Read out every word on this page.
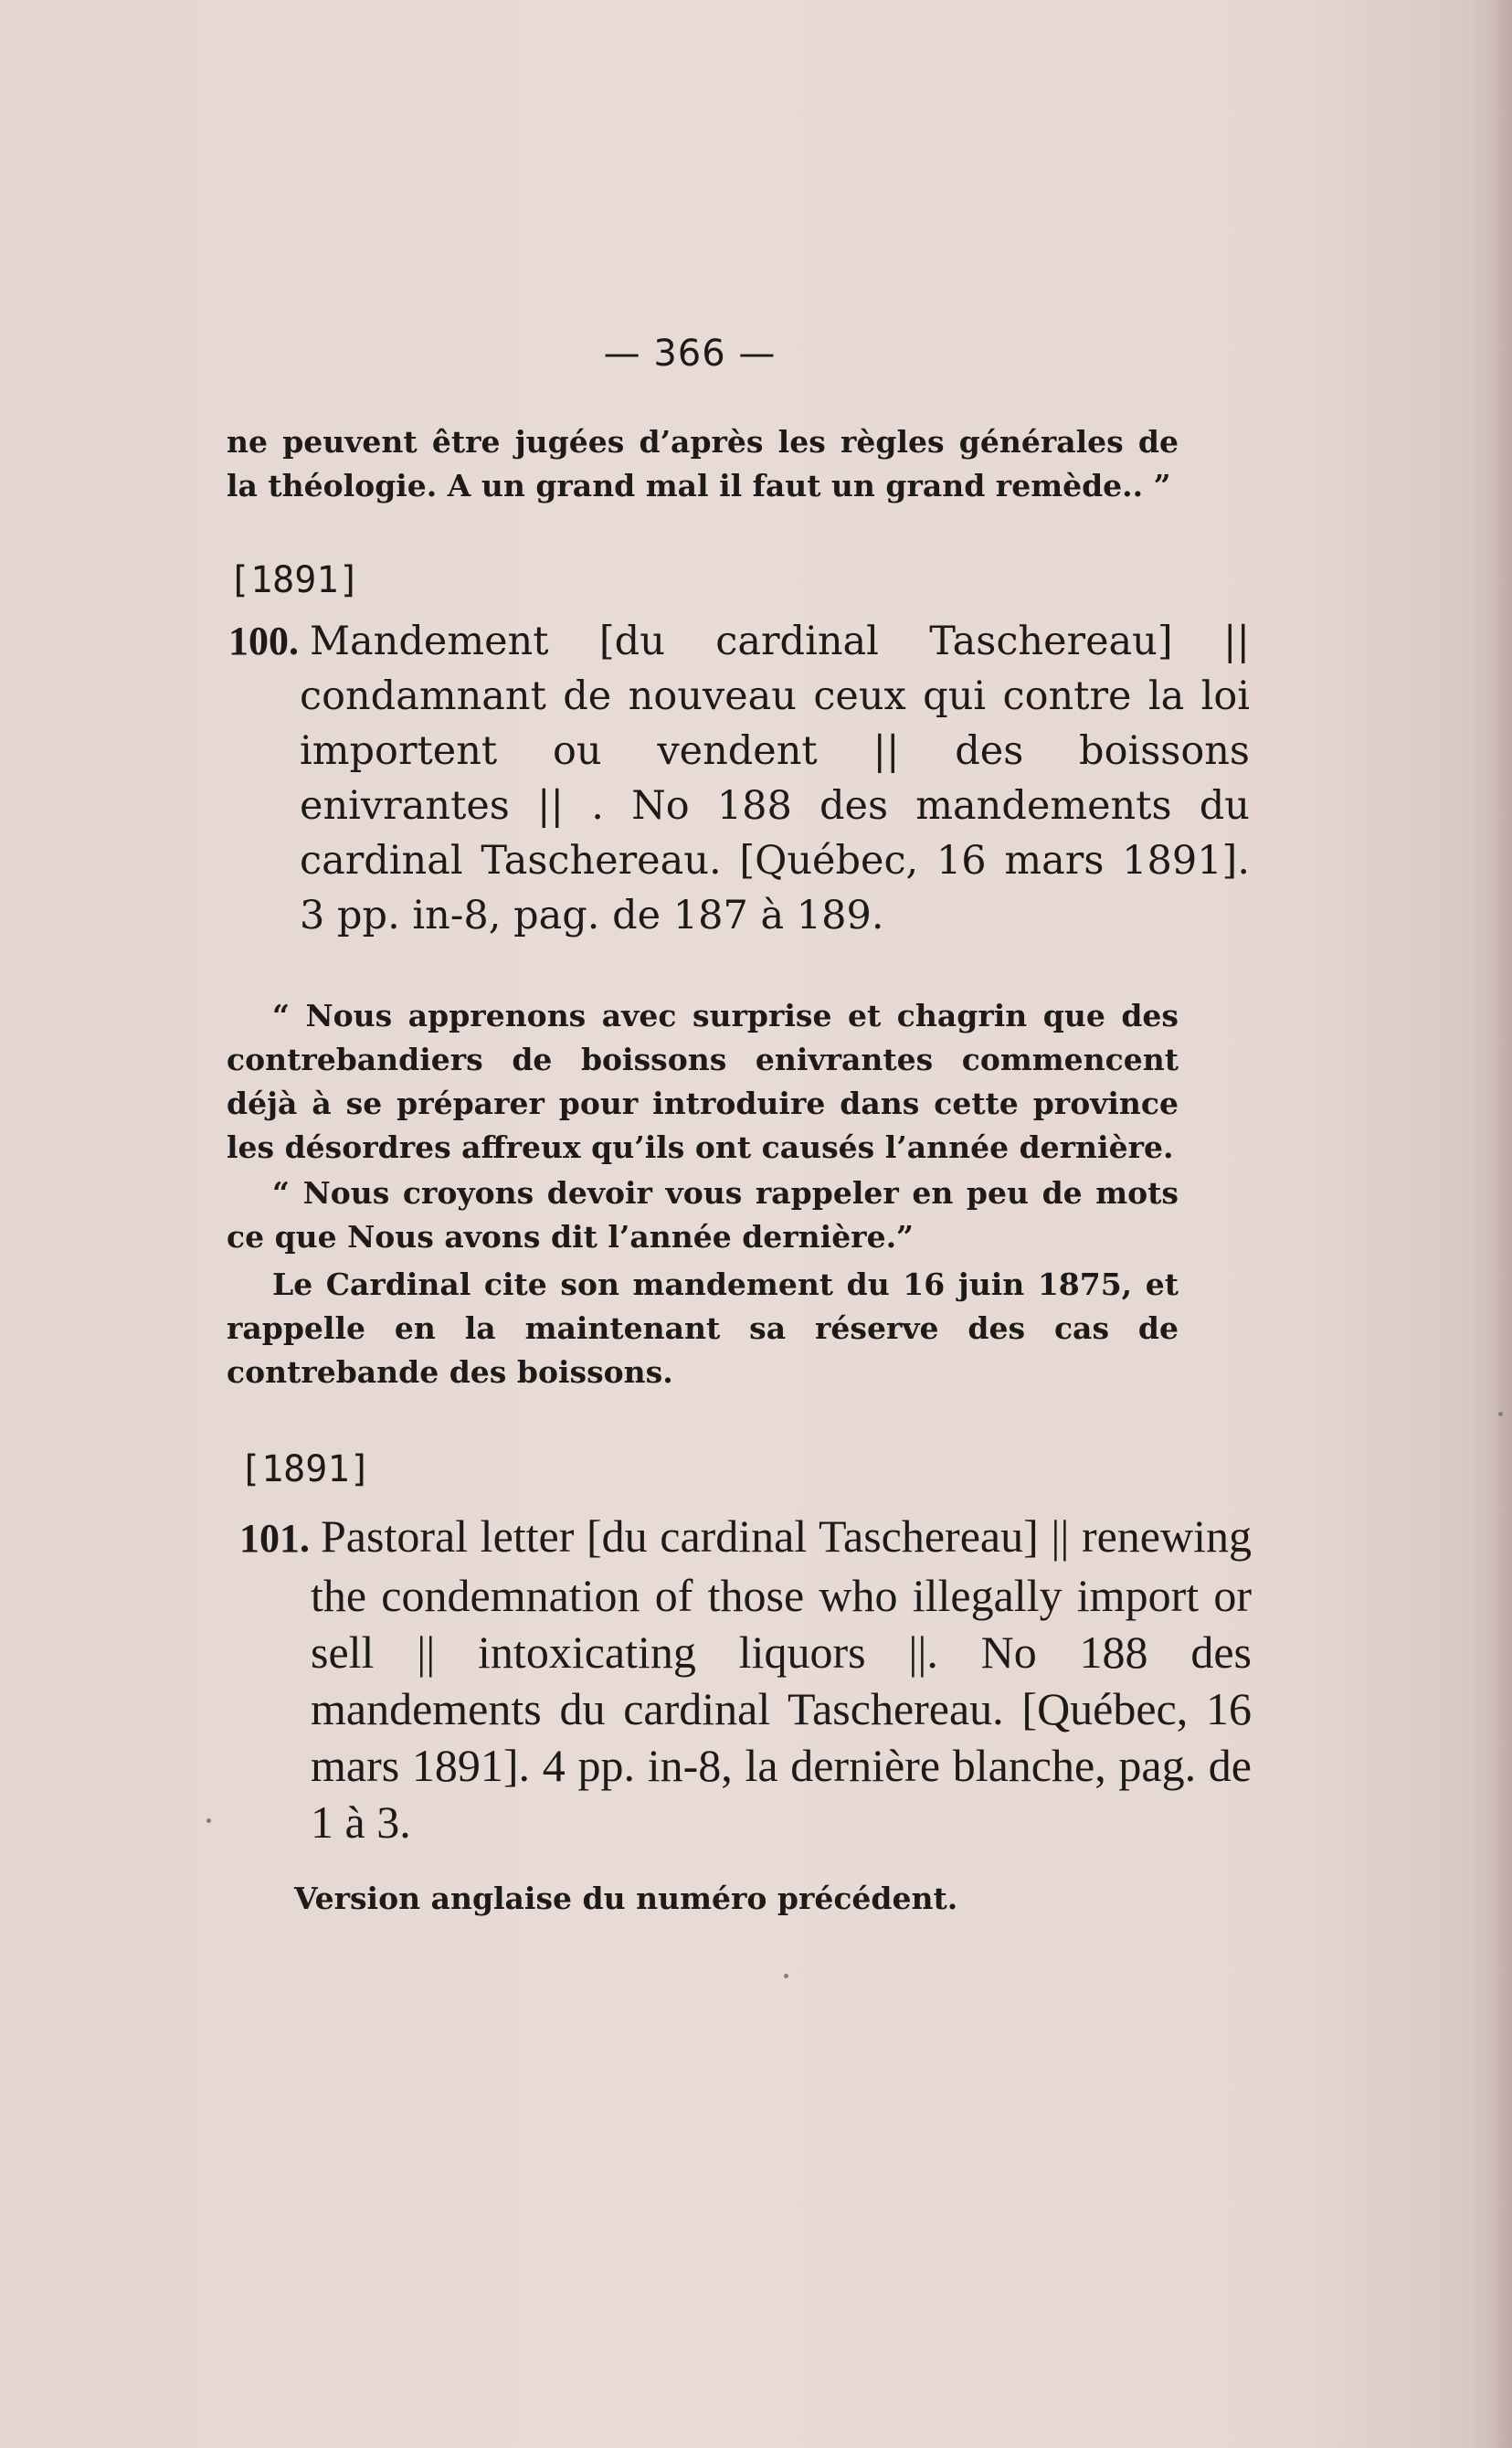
— 366 —
ne peuvent être jugées d’après les règles générales de la théologie. A un grand mal il faut un grand remède.. ”
[1891]
100. Mandement [du cardinal Taschereau] || condamnant de nouveau ceux qui contre la loi importent ou vendent || des boissons enivrantes || . No 188 des mandements du cardinal Taschereau. [Québec, 16 mars 1891]. 3 pp. in-8, pag. de 187 à 189.
“ Nous apprenons avec surprise et chagrin que des contrebandiers de boissons enivrantes commencent déjà à se préparer pour introduire dans cette province les désordres affreux qu’ils ont causés l’année dernière.
“ Nous croyons devoir vous rappeler en peu de mots ce que Nous avons dit l’année dernière.”
Le Cardinal cite son mandement du 16 juin 1875, et rappelle en la maintenant sa réserve des cas de contrebande des boissons.
[1891]
101. Pastoral letter [du cardinal Taschereau] || renewing the condemnation of those who illegally import or sell || intoxicating liquors ||. No 188 des mandements du cardinal Taschereau. [Québec, 16 mars 1891]. 4 pp. in-8, la dernière blanche, pag. de 1 à 3.
Version anglaise du numéro précédent.
